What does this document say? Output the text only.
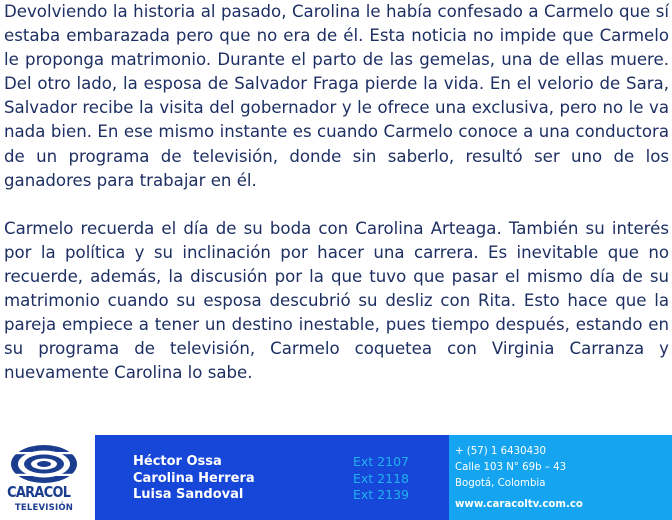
Devolviendo la historia al pasado, Carolina le había confesado a Carmelo que sí estaba embarazada pero que no era de él. Esta noticia no impide que Carmelo le proponga matrimonio. Durante el parto de las gemelas, una de ellas muere. Del otro lado, la esposa de Salvador Fraga pierde la vida. En el velorio de Sara, Salvador recibe la visita del gobernador y le ofrece una exclusiva, pero no le va nada bien. En ese mismo instante es cuando Carmelo conoce a una conductora de un programa de televisión, donde sin saberlo, resultó ser uno de los ganadores para trabajar en él.

Carmelo recuerda el día de su boda con Carolina Arteaga. También su interés por la política y su inclinación por hacer una carrera. Es inevitable que no recuerde, además, la discusión por la que tuvo que pasar el mismo día de su matrimonio cuando su esposa descubrió su desliz con Rita. Esto hace que la pareja empiece a tener un destino inestable, pues tiempo después, estando en su programa de televisión, Carmelo coquetea con Virginia Carranza y nuevamente Carolina lo sabe.

CARACOL
TELEVISIÓN
Héctor Ossa
Carolina Herrera
Luisa Sandoval
Ext 2107
Ext 2118
Ext 2139
+ (57) 1 6430430
Calle 103 N° 69b – 43
Bogotá, Colombia
www.caracoltv.com.co
